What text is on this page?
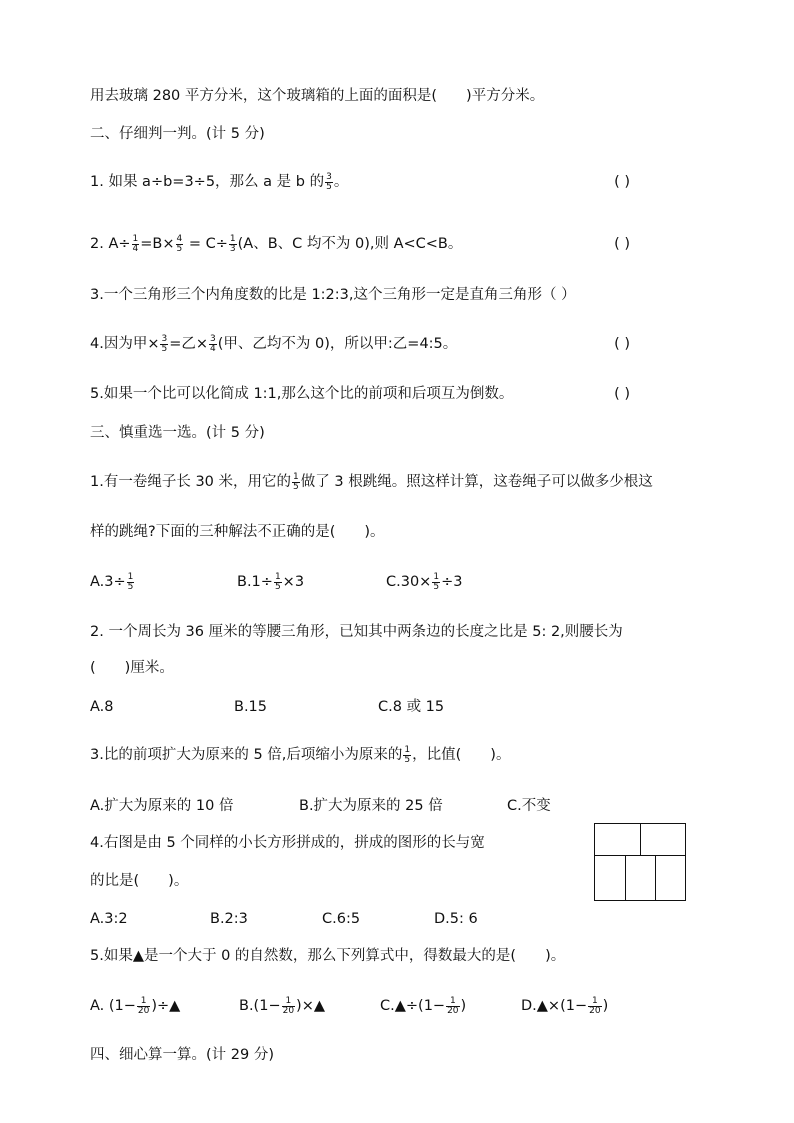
用去玻璃 280 平方分米，这个玻璃箱的上面的面积是(　　)平方分米。
二、仔细判一判。(计 5 分)
1. 如果 a÷b=3÷5，那么 a 是 b 的 $\frac{3}{5}$ 。	( )
2. $A\div \frac{1}{4} =B\times \frac{4}{5} = C\div \frac{1}{3} (A$、B、C 均不为 0),则 A<C<B。	( )
3.一个三角形三个内角度数的比是 1:2:3,这个三角形一定是直角三角形（ ）
4.因为甲× $\frac{3}{5}$ =乙× $\frac{3}{4}$ (甲、乙均不为 0)，所以甲:乙=4:5。	( )
5.如果一个比可以化简成 1:1,那么这个比的前项和后项互为倒数。	( )
三、慎重选一选。(计 5 分)
1.有一卷绳子长 30 米，用它的 $\frac{1}{5}$ 做了 3 根跳绳。照这样计算，这卷绳子可以做多少根这
样的跳绳?下面的三种解法不正确的是(　　)。
$A.3\div \frac{1}{5}$	$B.1\div \frac{1}{5} \times 3$	$C.30\times \frac{1}{5} \div 3$
2. 一个周长为 36 厘米的等腰三角形，已知其中两条边的长度之比是 5: 2,则腰长为
(　　)厘米。
A.8	B.15	C.8 或 15
3.比的前项扩大为原来的 5 倍,后项缩小为原来的 $\frac{1}{5}$ ，比值(　　)。
A.扩大为原来的 10 倍	B.扩大为原来的 25 倍	C.不变
4.右图是由 5 个同样的小长方形拼成的，拼成的图形的长与宽
的比是(　　)。
A.3:2	B.2:3	C.6:5	D.5: 6
5.如果▲是一个大于 0 的自然数，那么下列算式中，得数最大的是(　　)。
A. ($1- \frac{1}{20}$ )÷▲	$B.(1- \frac{1}{20}$ )×▲	C.▲÷(1− $\frac{1}{20}$ )	D.▲×(1− $\frac{1}{20}$ )
四、细心算一算。(计 29 分)
